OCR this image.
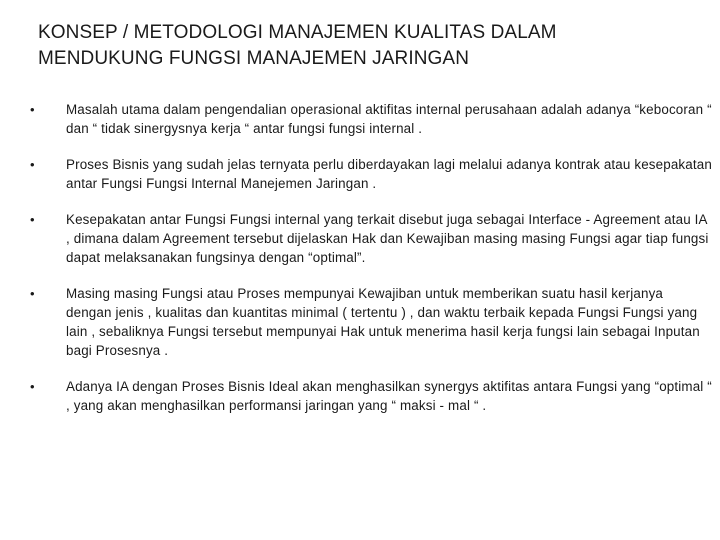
KONSEP / METODOLOGI MANAJEMEN KUALITAS DALAM
MENDUKUNG FUNGSI MANAJEMEN JARINGAN
• Masalah utama dalam pengendalian operasional aktifitas internal perusahaan adalah adanya “kebocoran “ dan “ tidak sinergysnya kerja “ antar fungsi fungsi internal .
• Proses Bisnis yang sudah jelas ternyata perlu diberdayakan lagi melalui adanya kontrak atau kesepakatan antar Fungsi Fungsi Internal Manejemen Jaringan .
• Kesepakatan antar Fungsi Fungsi internal yang terkait disebut juga sebagai Interface - Agreement atau IA , dimana dalam Agreement tersebut dijelaskan Hak dan Kewajiban masing masing Fungsi agar tiap fungsi dapat melaksanakan fungsinya dengan “optimal”.
• Masing masing Fungsi atau Proses mempunyai Kewajiban untuk memberikan suatu hasil kerjanya dengan jenis , kualitas dan kuantitas minimal ( tertentu ) , dan waktu terbaik kepada Fungsi Fungsi yang lain , sebaliknya Fungsi tersebut mempunyai Hak untuk menerima hasil kerja fungsi lain sebagai Inputan bagi Prosesnya .
• Adanya IA dengan Proses Bisnis Ideal akan menghasilkan synergys aktifitas antara Fungsi yang “optimal “ , yang akan menghasilkan performansi jaringan yang “ maksi - mal “ .
